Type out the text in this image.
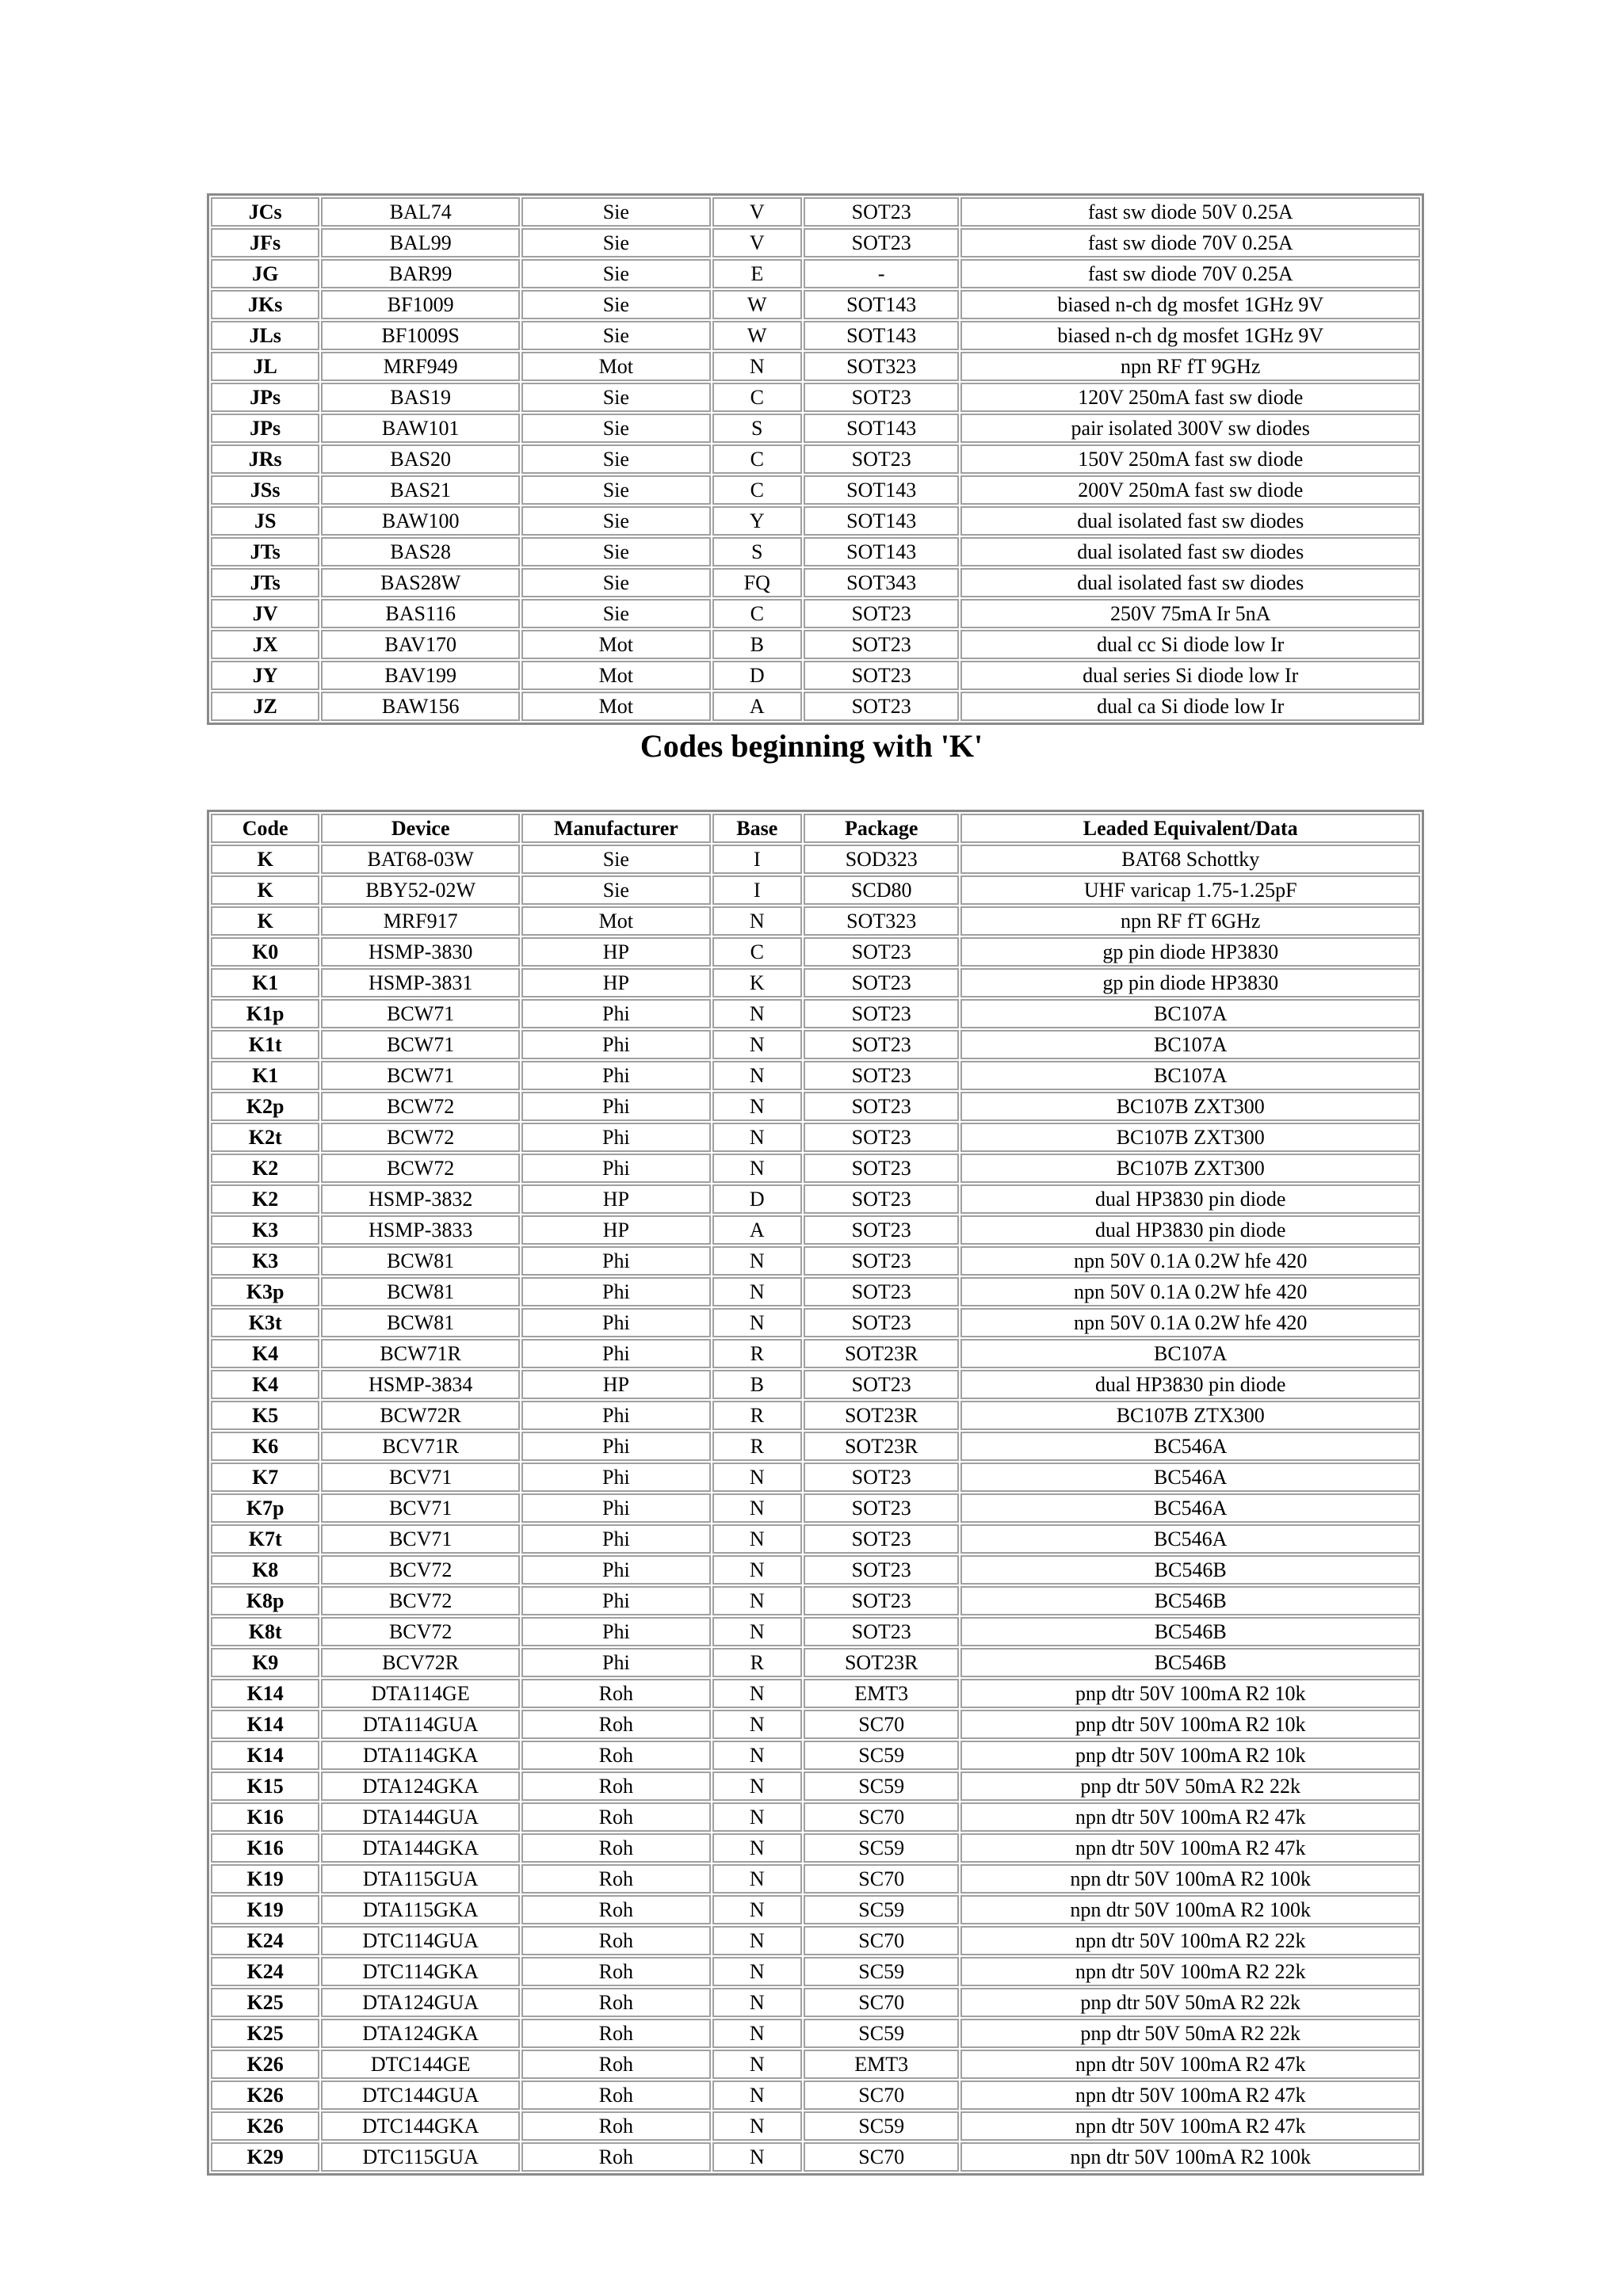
JCs	BAL74	Sie	V	SOT23	fast sw diode 50V 0.25A
JFs	BAL99	Sie	V	SOT23	fast sw diode 70V 0.25A
JG	BAR99	Sie	E	-	fast sw diode 70V 0.25A
JKs	BF1009	Sie	W	SOT143	biased n-ch dg mosfet 1GHz 9V
JLs	BF1009S	Sie	W	SOT143	biased n-ch dg mosfet 1GHz 9V
JL	MRF949	Mot	N	SOT323	npn RF fT 9GHz
JPs	BAS19	Sie	C	SOT23	120V 250mA fast sw diode
JPs	BAW101	Sie	S	SOT143	pair isolated 300V sw diodes
JRs	BAS20	Sie	C	SOT23	150V 250mA fast sw diode
JSs	BAS21	Sie	C	SOT143	200V 250mA fast sw diode
JS	BAW100	Sie	Y	SOT143	dual isolated fast sw diodes
JTs	BAS28	Sie	S	SOT143	dual isolated fast sw diodes
JTs	BAS28W	Sie	FQ	SOT343	dual isolated fast sw diodes
JV	BAS116	Sie	C	SOT23	250V 75mA Ir 5nA
JX	BAV170	Mot	B	SOT23	dual cc Si diode low Ir
JY	BAV199	Mot	D	SOT23	dual series Si diode low Ir
JZ	BAW156	Mot	A	SOT23	dual ca Si diode low Ir
Codes beginning with 'K'
Code	Device	Manufacturer	Base	Package	Leaded Equivalent/Data
K	BAT68-03W	Sie	I	SOD323	BAT68 Schottky
K	BBY52-02W	Sie	I	SCD80	UHF varicap 1.75-1.25pF
K	MRF917	Mot	N	SOT323	npn RF fT 6GHz
K0	HSMP-3830	HP	C	SOT23	gp pin diode HP3830
K1	HSMP-3831	HP	K	SOT23	gp pin diode HP3830
K1p	BCW71	Phi	N	SOT23	BC107A
K1t	BCW71	Phi	N	SOT23	BC107A
K1	BCW71	Phi	N	SOT23	BC107A
K2p	BCW72	Phi	N	SOT23	BC107B ZXT300
K2t	BCW72	Phi	N	SOT23	BC107B ZXT300
K2	BCW72	Phi	N	SOT23	BC107B ZXT300
K2	HSMP-3832	HP	D	SOT23	dual HP3830 pin diode
K3	HSMP-3833	HP	A	SOT23	dual HP3830 pin diode
K3	BCW81	Phi	N	SOT23	npn 50V 0.1A 0.2W hfe 420
K3p	BCW81	Phi	N	SOT23	npn 50V 0.1A 0.2W hfe 420
K3t	BCW81	Phi	N	SOT23	npn 50V 0.1A 0.2W hfe 420
K4	BCW71R	Phi	R	SOT23R	BC107A
K4	HSMP-3834	HP	B	SOT23	dual HP3830 pin diode
K5	BCW72R	Phi	R	SOT23R	BC107B ZTX300
K6	BCV71R	Phi	R	SOT23R	BC546A
K7	BCV71	Phi	N	SOT23	BC546A
K7p	BCV71	Phi	N	SOT23	BC546A
K7t	BCV71	Phi	N	SOT23	BC546A
K8	BCV72	Phi	N	SOT23	BC546B
K8p	BCV72	Phi	N	SOT23	BC546B
K8t	BCV72	Phi	N	SOT23	BC546B
K9	BCV72R	Phi	R	SOT23R	BC546B
K14	DTA114GE	Roh	N	EMT3	pnp dtr 50V 100mA R2 10k
K14	DTA114GUA	Roh	N	SC70	pnp dtr 50V 100mA R2 10k
K14	DTA114GKA	Roh	N	SC59	pnp dtr 50V 100mA R2 10k
K15	DTA124GKA	Roh	N	SC59	pnp dtr 50V 50mA R2 22k
K16	DTA144GUA	Roh	N	SC70	npn dtr 50V 100mA R2 47k
K16	DTA144GKA	Roh	N	SC59	npn dtr 50V 100mA R2 47k
K19	DTA115GUA	Roh	N	SC70	npn dtr 50V 100mA R2 100k
K19	DTA115GKA	Roh	N	SC59	npn dtr 50V 100mA R2 100k
K24	DTC114GUA	Roh	N	SC70	npn dtr 50V 100mA R2 22k
K24	DTC114GKA	Roh	N	SC59	npn dtr 50V 100mA R2 22k
K25	DTA124GUA	Roh	N	SC70	pnp dtr 50V 50mA R2 22k
K25	DTA124GKA	Roh	N	SC59	pnp dtr 50V 50mA R2 22k
K26	DTC144GE	Roh	N	EMT3	npn dtr 50V 100mA R2 47k
K26	DTC144GUA	Roh	N	SC70	npn dtr 50V 100mA R2 47k
K26	DTC144GKA	Roh	N	SC59	npn dtr 50V 100mA R2 47k
K29	DTC115GUA	Roh	N	SC70	npn dtr 50V 100mA R2 100k
